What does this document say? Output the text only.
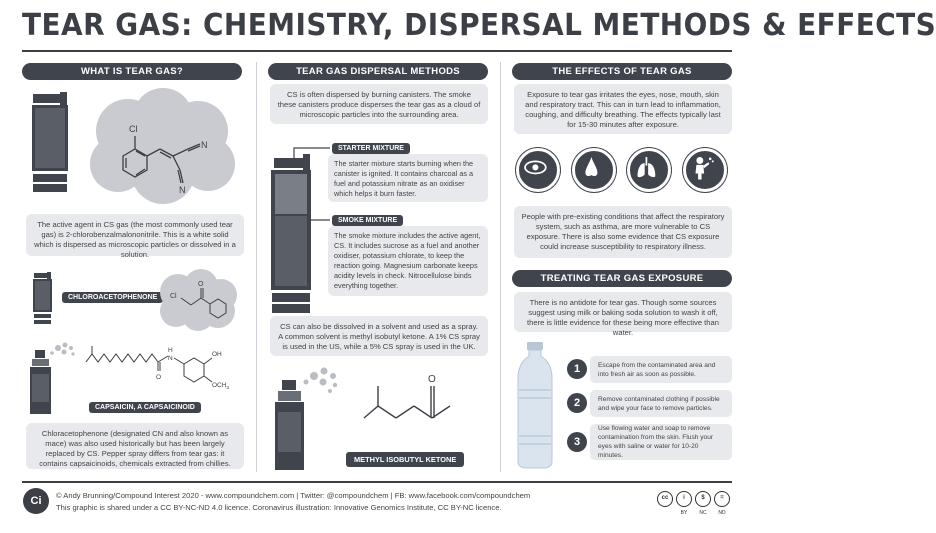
TEAR GAS: CHEMISTRY, DISPERSAL METHODS & EFFECTS
WHAT IS TEAR GAS?
Cl
N
N
The active agent in CS gas (the most commonly used tear gas) is 2-chlorobenzalmalononitrile. This is a white solid which is dispersed as microscopic particles or dissolved in a solution.
CHLOROACETOPHENONE	Cl
O
H
N
O
OH
$OCH_3$
CAPSAICIN, A CAPSAICINOID
Chloracetophenone (designated CN and also known as mace) was also used historically but has been largely replaced by CS. Pepper spray differs from tear gas: it contains capsaicinoids, chemicals extracted from chillies.
TEAR GAS DISPERSAL METHODS
CS is often dispersed by burning canisters. The smoke these canisters produce disperses the tear gas as a cloud of microscopic particles into the surrounding area.
STARTER MIXTURE
The starter mixture starts burning when the canister is ignited. It contains charcoal as a fuel and potassium nitrate as an oxidiser which helps it burn faster.
SMOKE MIXTURE
The smoke mixture includes the active agent, CS. It includes sucrose as a fuel and another oxidiser, potassium chlorate, to keep the reaction going. Magnesium carbonate keeps acidity levels in check. Nitrocellulose binds everything together.
CS can also be dissolved in a solvent and used as a spray. A common solvent is methyl isobutyl ketone. A 1% CS spray is used in the US, while a 5% CS spray is used in the UK.
O
METHYL ISOBUTYL KETONE
THE EFFECTS OF TEAR GAS
Exposure to tear gas irritates the eyes, nose, mouth, skin and respiratory tract. This can in turn lead to inflammation, coughing, and difficulty breathing. The effects typically last for 15-30 minutes after exposure.
People with pre-existing conditions that affect the respiratory system, such as asthma, are more vulnerable to CS exposure. There is also some evidence that CS exposure could increase susceptibility to respiratory illness.
TREATING TEAR GAS EXPOSURE
There is no antidote for tear gas. Though some sources suggest using milk or baking soda solution to wash it off, there is little evidence for these being more effective than water.
1	Escape from the contaminated area and into fresh air as soon as possible.
2	Remove contaminated clothing if possible and wipe your face to remove particles.
3
Use flowing water and soap to remove contamination from the skin. Flush your eyes with saline or water for 10-20 minutes.
Ci	© Andy Brunning/Compound Interest 2020 - www.compoundchem.com | Twitter: @compoundchem | FB: www.facebook.com/compoundchem
This graphic is shared under a CC BY-NC-ND 4.0 licence. Coronavirus illustration: Innovative Genomics Institute, CC BY-NC licence.
cc	i	$	=
BY	NC	ND
